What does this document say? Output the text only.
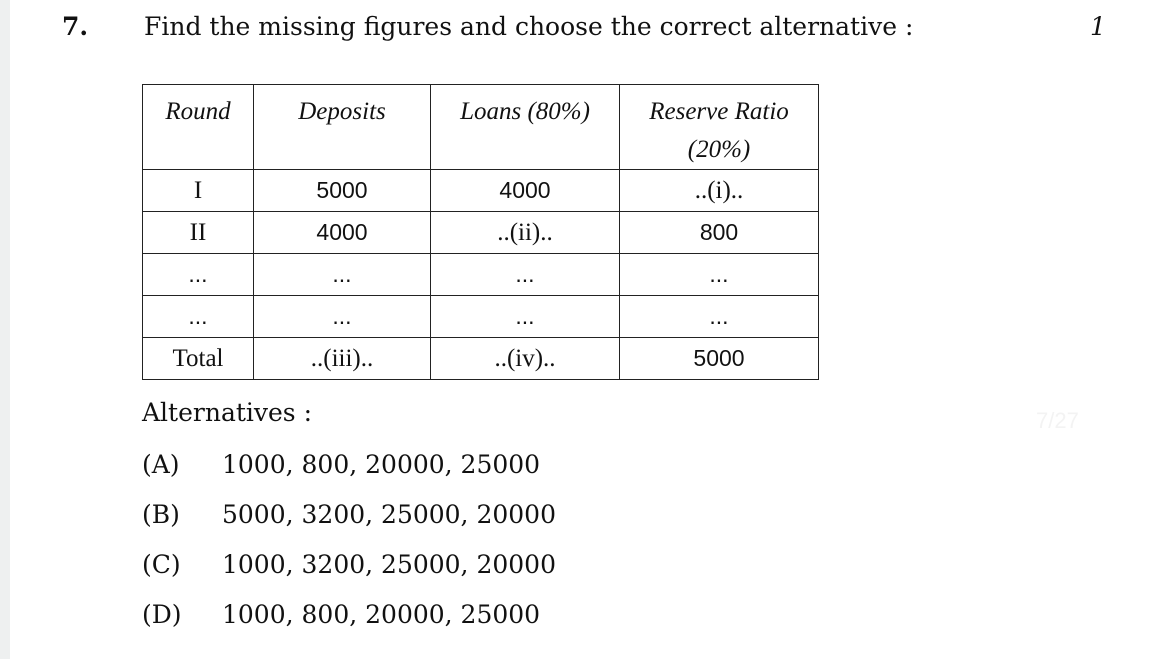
7. Find the missing figures and choose the correct alternative :	1
Round	Deposits	Loans (80%)	Reserve Ratio
(20%)
I	5000	4000	..(i)..
II	4000	..(ii)..	800
...	...	...	...
...	...	...	...
Total	..(iii)..	..(iv)..	5000
Alternatives :	7/27
(A) 1000, 800, 20000, 25000
(B) 5000, 3200, 25000, 20000
(C) 1000, 3200, 25000, 20000
(D) 1000, 800, 20000, 25000
